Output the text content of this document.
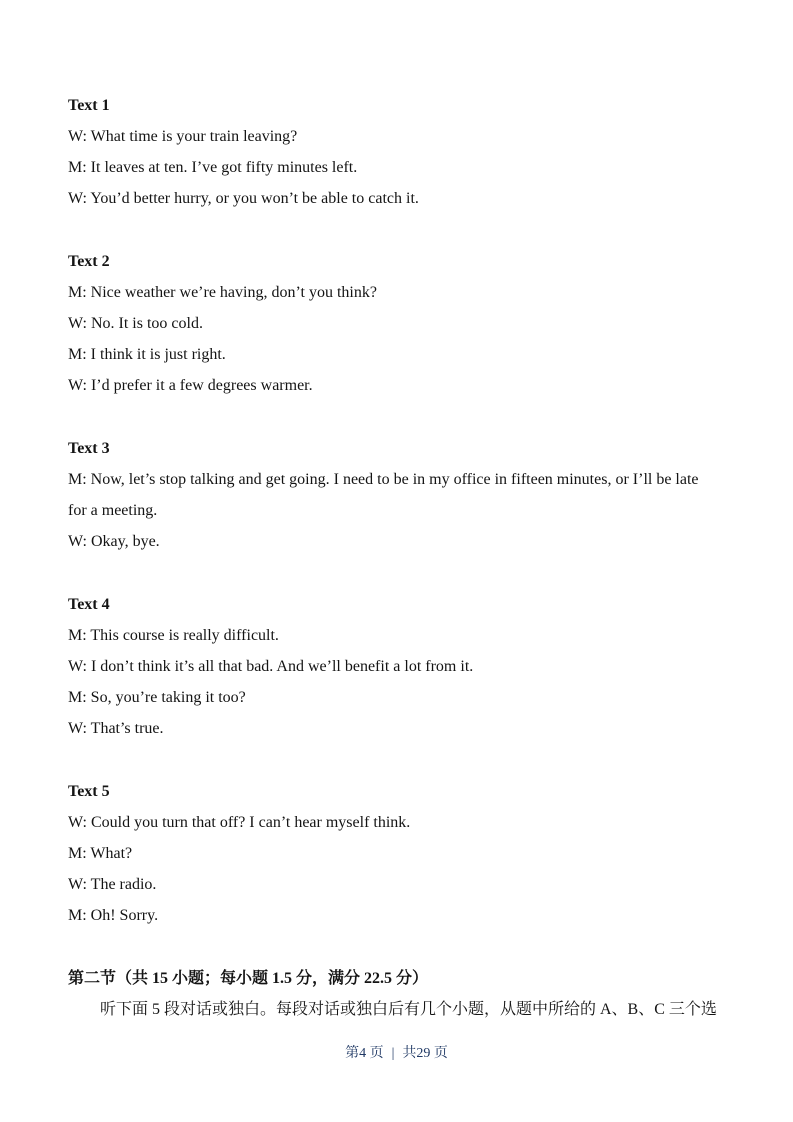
Text 1

W: What time is your train leaving?

M: It leaves at ten. I’ve got fifty minutes left.

W: You’d better hurry, or you won’t be able to catch it.

Text 2

M: Nice weather we’re having, don’t you think?

W: No. It is too cold.

M: I think it is just right.

W: I’d prefer it a few degrees warmer.

Text 3

M: Now, let’s stop talking and get going. I need to be in my office in fifteen minutes, or I’ll be late

for a meeting.

W: Okay, bye.

Text 4

M: This course is really difficult.

W: I don’t think it’s all that bad. And we’ll benefit a lot from it.

M: So, you’re taking it too?

W: That’s true.

Text 5

W: Could you turn that off? I can’t hear myself think.

M: What?

W: The radio.

M: Oh! Sorry.

第二节（共 15 小题；每小题 1.5 分，满分 22.5 分）

听下面 5 段对话或独白。每段对话或独白后有几个小题，从题中所给的 A、B、C 三个选

第4 页 | 共29 页
